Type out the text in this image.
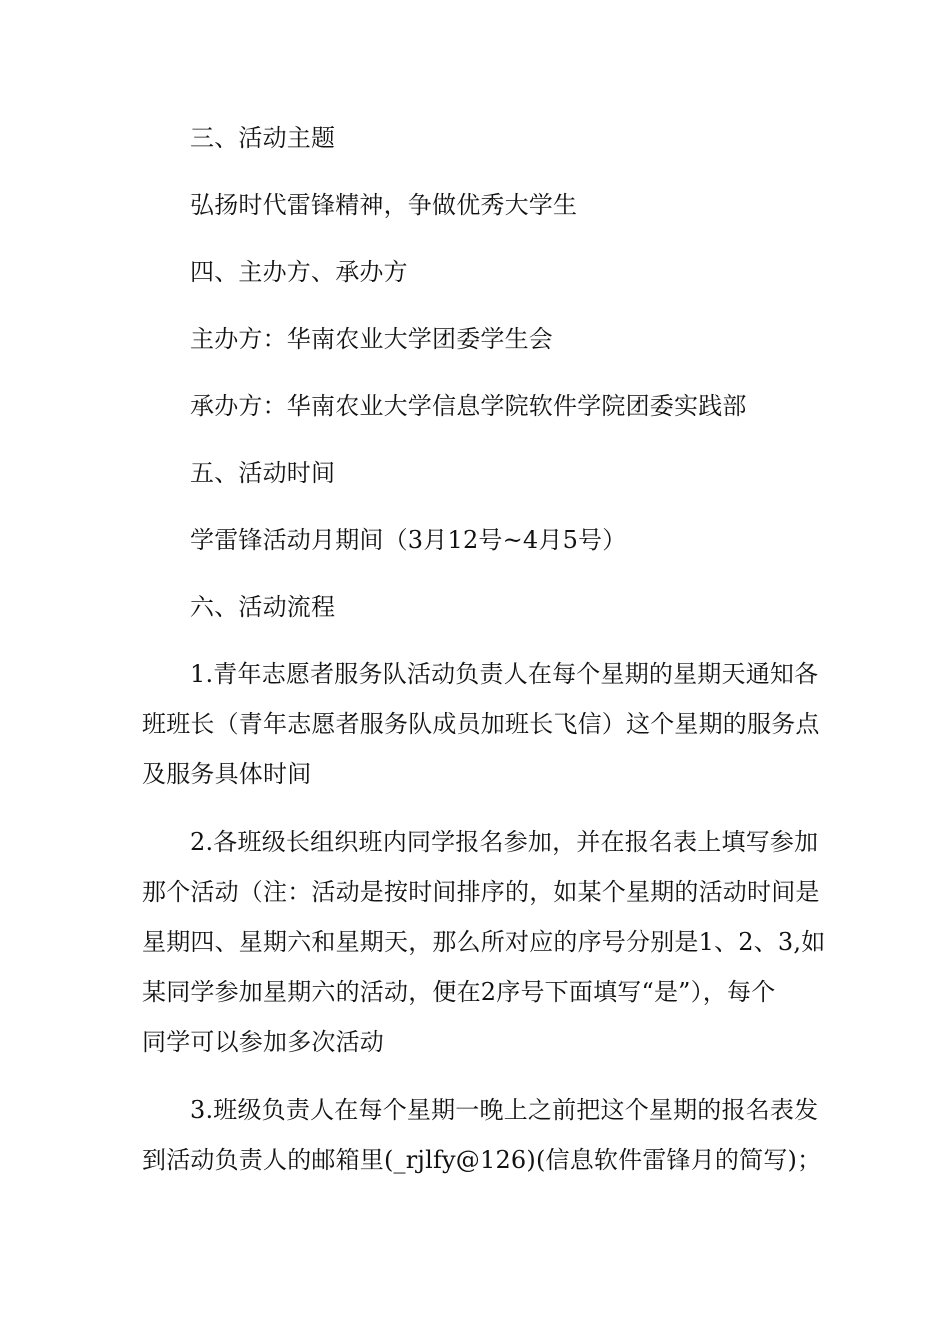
三、活动主题
弘扬时代雷锋精神，争做优秀大学生
四、主办方、承办方
主办方：华南农业大学团委学生会
承办方：华南农业大学信息学院软件学院团委实践部
五、活动时间
学雷锋活动月期间（3月12号~4月5号）
六、活动流程
1.青年志愿者服务队活动负责人在每个星期的星期天通知各
班班长（青年志愿者服务队成员加班长飞信）这个星期的服务点
及服务具体时间
2.各班级长组织班内同学报名参加，并在报名表上填写参加
那个活动（注：活动是按时间排序的，如某个星期的活动时间是
星期四、星期六和星期天，那么所对应的序号分别是1、2、3,如
某同学参加星期六的活动，便在2序号下面填写“是”），每个
同学可以参加多次活动
3.班级负责人在每个星期一晚上之前把这个星期的报名表发
到活动负责人的邮箱里(_rjlfy@126)(信息软件雷锋月的简写)；
